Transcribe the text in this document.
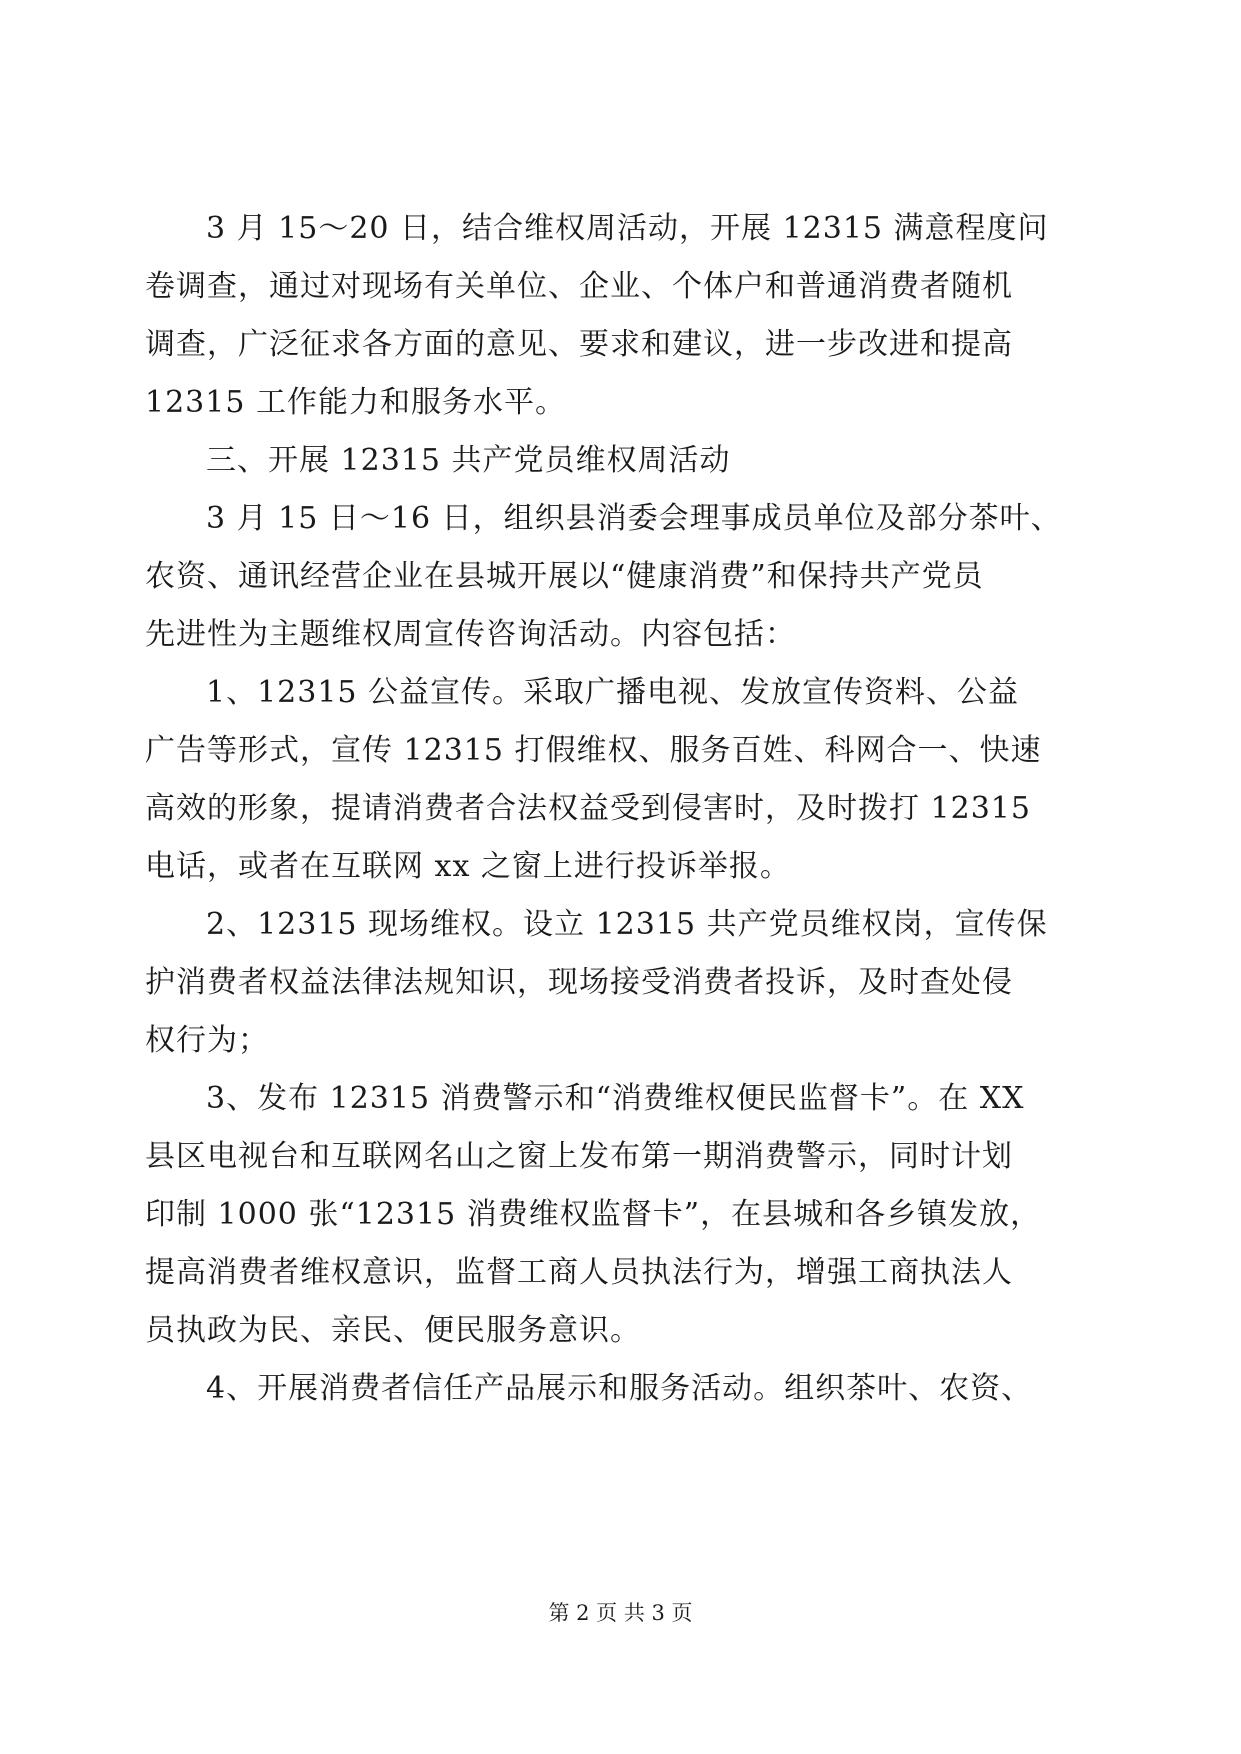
3 月 15～20 日，结合维权周活动，开展 12315 满意程度问
卷调查，通过对现场有关单位、企业、个体户和普通消费者随机
调查，广泛征求各方面的意见、要求和建议，进一步改进和提高
12315 工作能力和服务水平。
三、开展 12315 共产党员维权周活动
3 月 15 日～16 日，组织县消委会理事成员单位及部分茶叶、
农资、通讯经营企业在县城开展以“健康消费”和保持共产党员
先进性为主题维权周宣传咨询活动。内容包括：
1、12315 公益宣传。采取广播电视、发放宣传资料、公益
广告等形式，宣传 12315 打假维权、服务百姓、科网合一、快速
高效的形象，提请消费者合法权益受到侵害时，及时拨打 12315
电话，或者在互联网 xx 之窗上进行投诉举报。
2、12315 现场维权。设立 12315 共产党员维权岗，宣传保
护消费者权益法律法规知识，现场接受消费者投诉，及时查处侵
权行为；
3、发布 12315 消费警示和“消费维权便民监督卡”。在 XX
县区电视台和互联网名山之窗上发布第一期消费警示，同时计划
印制 1000 张“12315 消费维权监督卡”，在县城和各乡镇发放，
提高消费者维权意识，监督工商人员执法行为，增强工商执法人
员执政为民、亲民、便民服务意识。
4、开展消费者信任产品展示和服务活动。组织茶叶、农资、
第 2 页 共 3 页
